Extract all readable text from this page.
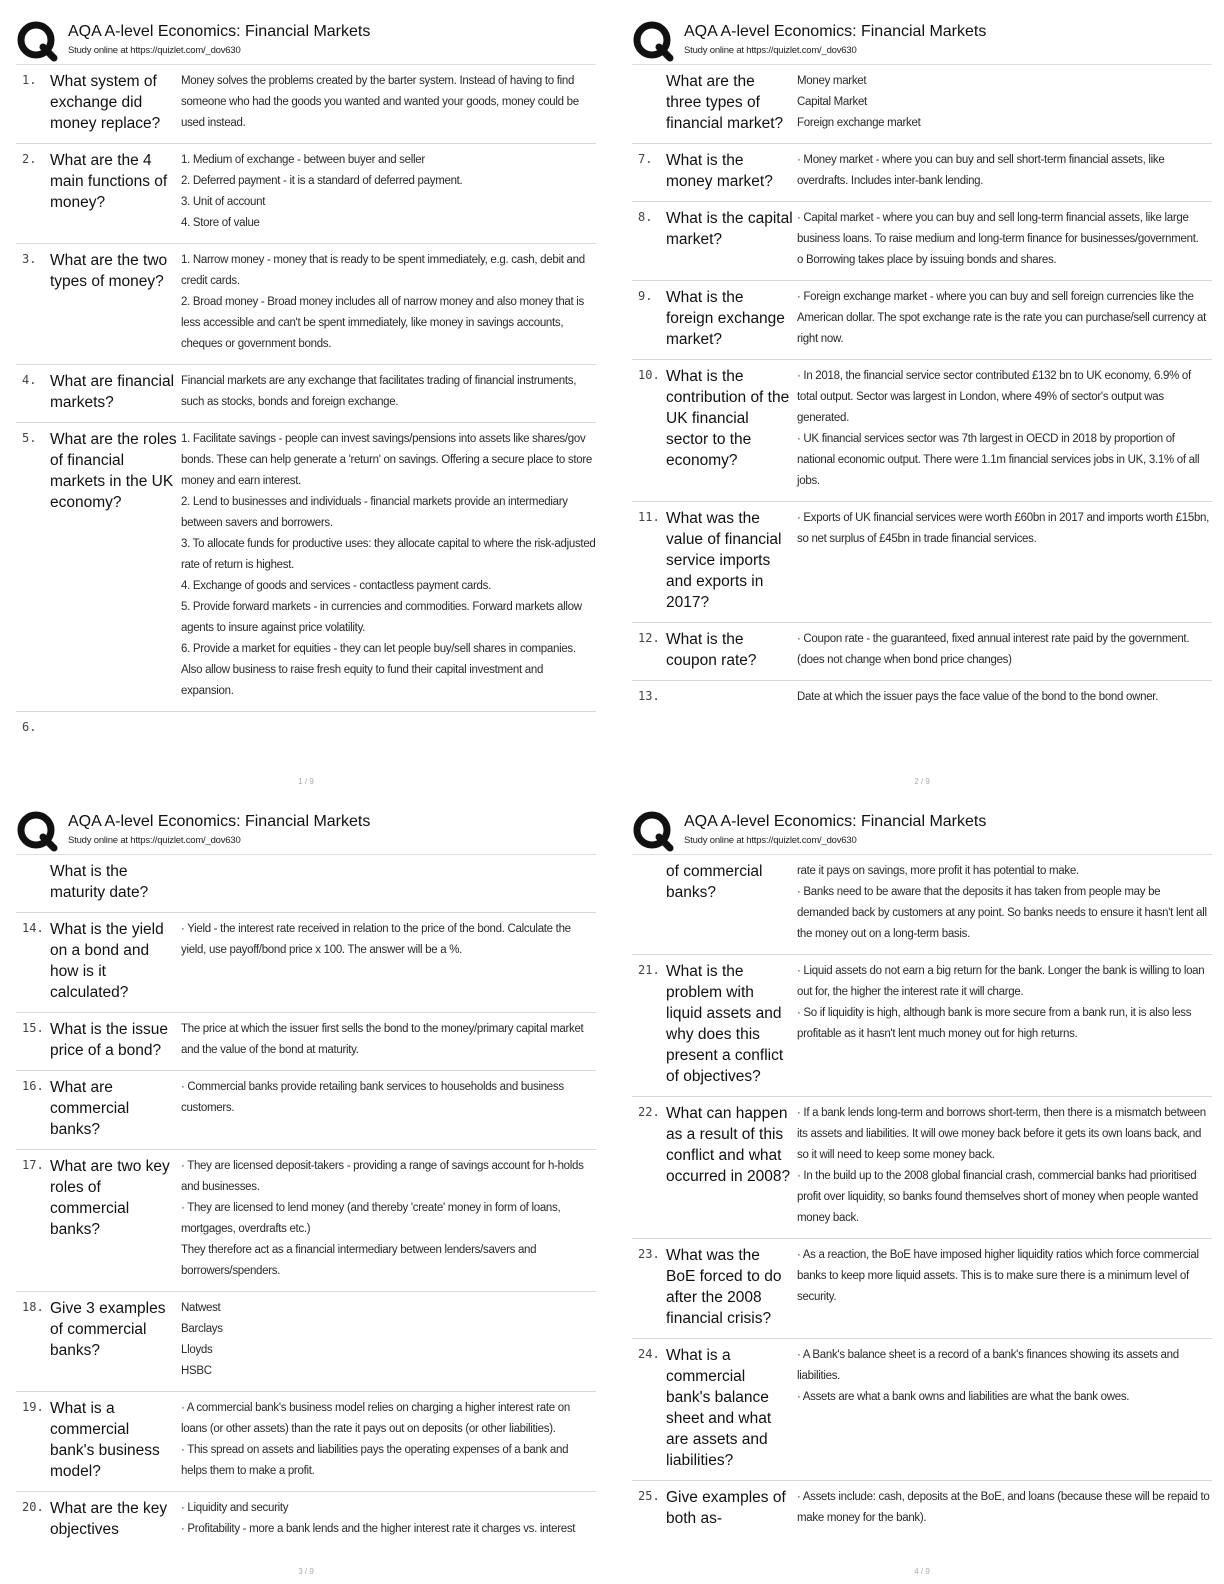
AQA A-level Economics: Financial Markets
Study online at https://quizlet.com/_dov630
1. What system of exchange did money replace?
Money solves the problems created by the barter system. Instead of having to find someone who had the goods you wanted and wanted your goods, money could be used instead.
2. What are the 4 main functions of money?
1. Medium of exchange - between buyer and seller
2. Deferred payment - it is a standard of deferred payment.
3. Unit of account
4. Store of value
3. What are the two types of money?
1. Narrow money - money that is ready to be spent immediately, e.g. cash, debit and credit cards.
2. Broad money - Broad money includes all of narrow money and also money that is less accessible and can't be spent immediately, like money in savings accounts, cheques or government bonds.
4. What are financial markets?
Financial markets are any exchange that facilitates trading of financial instruments, such as stocks, bonds and foreign exchange.
5. What are the roles of financial markets in the UK economy?
1. Facilitate savings - people can invest savings/pensions into assets like shares/gov bonds. These can help generate a 'return' on savings. Offering a secure place to store money and earn interest.
2. Lend to businesses and individuals - financial markets provide an intermediary between savers and borrowers.
3. To allocate funds for productive uses: they allocate capital to where the risk-adjusted rate of return is highest.
4. Exchange of goods and services - contactless payment cards.
5. Provide forward markets - in currencies and commodities. Forward markets allow agents to insure against price volatility.
6. Provide a market for equities - they can let people buy/sell shares in companies. Also allow business to raise fresh equity to fund their capital investment and expansion.
6.
1 / 9
AQA A-level Economics: Financial Markets
Study online at https://quizlet.com/_dov630
What are the three types of financial market?
Money market
Capital Market
Foreign exchange market
7. What is the money market?
· Money market - where you can buy and sell short-term financial assets, like overdrafts. Includes inter-bank lending.
8. What is the capital market?
· Capital market - where you can buy and sell long-term financial assets, like large business loans. To raise medium and long-term finance for businesses/government.
o Borrowing takes place by issuing bonds and shares.
9. What is the foreign exchange market?
· Foreign exchange market - where you can buy and sell foreign currencies like the American dollar. The spot exchange rate is the rate you can purchase/sell currency at right now.
10. What is the contribution of the UK financial sector to the economy?
· In 2018, the financial service sector contributed £132 bn to UK economy, 6.9% of total output. Sector was largest in London, where 49% of sector's output was generated.
· UK financial services sector was 7th largest in OECD in 2018 by proportion of national economic output. There were 1.1m financial services jobs in UK, 3.1% of all jobs.
11. What was the value of financial service imports and exports in 2017?
· Exports of UK financial services were worth £60bn in 2017 and imports worth £15bn, so net surplus of £45bn in trade financial services.
12. What is the coupon rate?
· Coupon rate - the guaranteed, fixed annual interest rate paid by the government. (does not change when bond price changes)
13.	Date at which the issuer pays the face value of the bond to the bond owner.
2 / 9
AQA A-level Economics: Financial Markets
Study online at https://quizlet.com/_dov630
What is the maturity date?
14. What is the yield on a bond and how is it calculated?
· Yield - the interest rate received in relation to the price of the bond. Calculate the yield, use payoff/bond price x 100. The answer will be a %.
15. What is the issue price of a bond?
The price at which the issuer first sells the bond to the money/primary capital market and the value of the bond at maturity.
16. What are commercial banks?
· Commercial banks provide retailing bank services to households and business customers.
17. What are two key roles of commercial banks?
· They are licensed deposit-takers - providing a range of savings account for h-holds and businesses.
· They are licensed to lend money (and thereby 'create' money in form of loans, mortgages, overdrafts etc.)
They therefore act as a financial intermediary between lenders/savers and borrowers/spenders.
18. Give 3 examples of commercial banks?
Natwest
Barclays
Lloyds
HSBC
19. What is a commercial bank's business model?
· A commercial bank's business model relies on charging a higher interest rate on loans (or other assets) than the rate it pays out on deposits (or other liabilities).
· This spread on assets and liabilities pays the operating expenses of a bank and helps them to make a profit.
20. What are the key objectives
· Liquidity and security
· Profitability - more a bank lends and the higher interest rate it charges vs. interest
3 / 9
AQA A-level Economics: Financial Markets
Study online at https://quizlet.com/_dov630
of commercial banks?
rate it pays on savings, more profit it has potential to make.
· Banks need to be aware that the deposits it has taken from people may be demanded back by customers at any point. So banks needs to ensure it hasn't lent all the money out on a long-term basis.
21. What is the problem with liquid assets and why does this present a conflict of objectives?
· Liquid assets do not earn a big return for the bank. Longer the bank is willing to loan out for, the higher the interest rate it will charge.
· So if liquidity is high, although bank is more secure from a bank run, it is also less profitable as it hasn't lent much money out for high returns.
22. What can happen as a result of this conflict and what occurred in 2008?
· If a bank lends long-term and borrows short-term, then there is a mismatch between its assets and liabilities. It will owe money back before it gets its own loans back, and so it will need to keep some money back.
· In the build up to the 2008 global financial crash, commercial banks had prioritised profit over liquidity, so banks found themselves short of money when people wanted money back.
23. What was the BoE forced to do after the 2008 financial crisis?
· As a reaction, the BoE have imposed higher liquidity ratios which force commercial banks to keep more liquid assets. This is to make sure there is a minimum level of security.
24. What is a commercial bank's balance sheet and what are assets and liabilities?
· A Bank's balance sheet is a record of a bank's finances showing its assets and liabilities.
· Assets are what a bank owns and liabilities are what the bank owes.
25. Give examples of both as-
· Assets include: cash, deposits at the BoE, and loans (because these will be repaid to make money for the bank).
4 / 9
